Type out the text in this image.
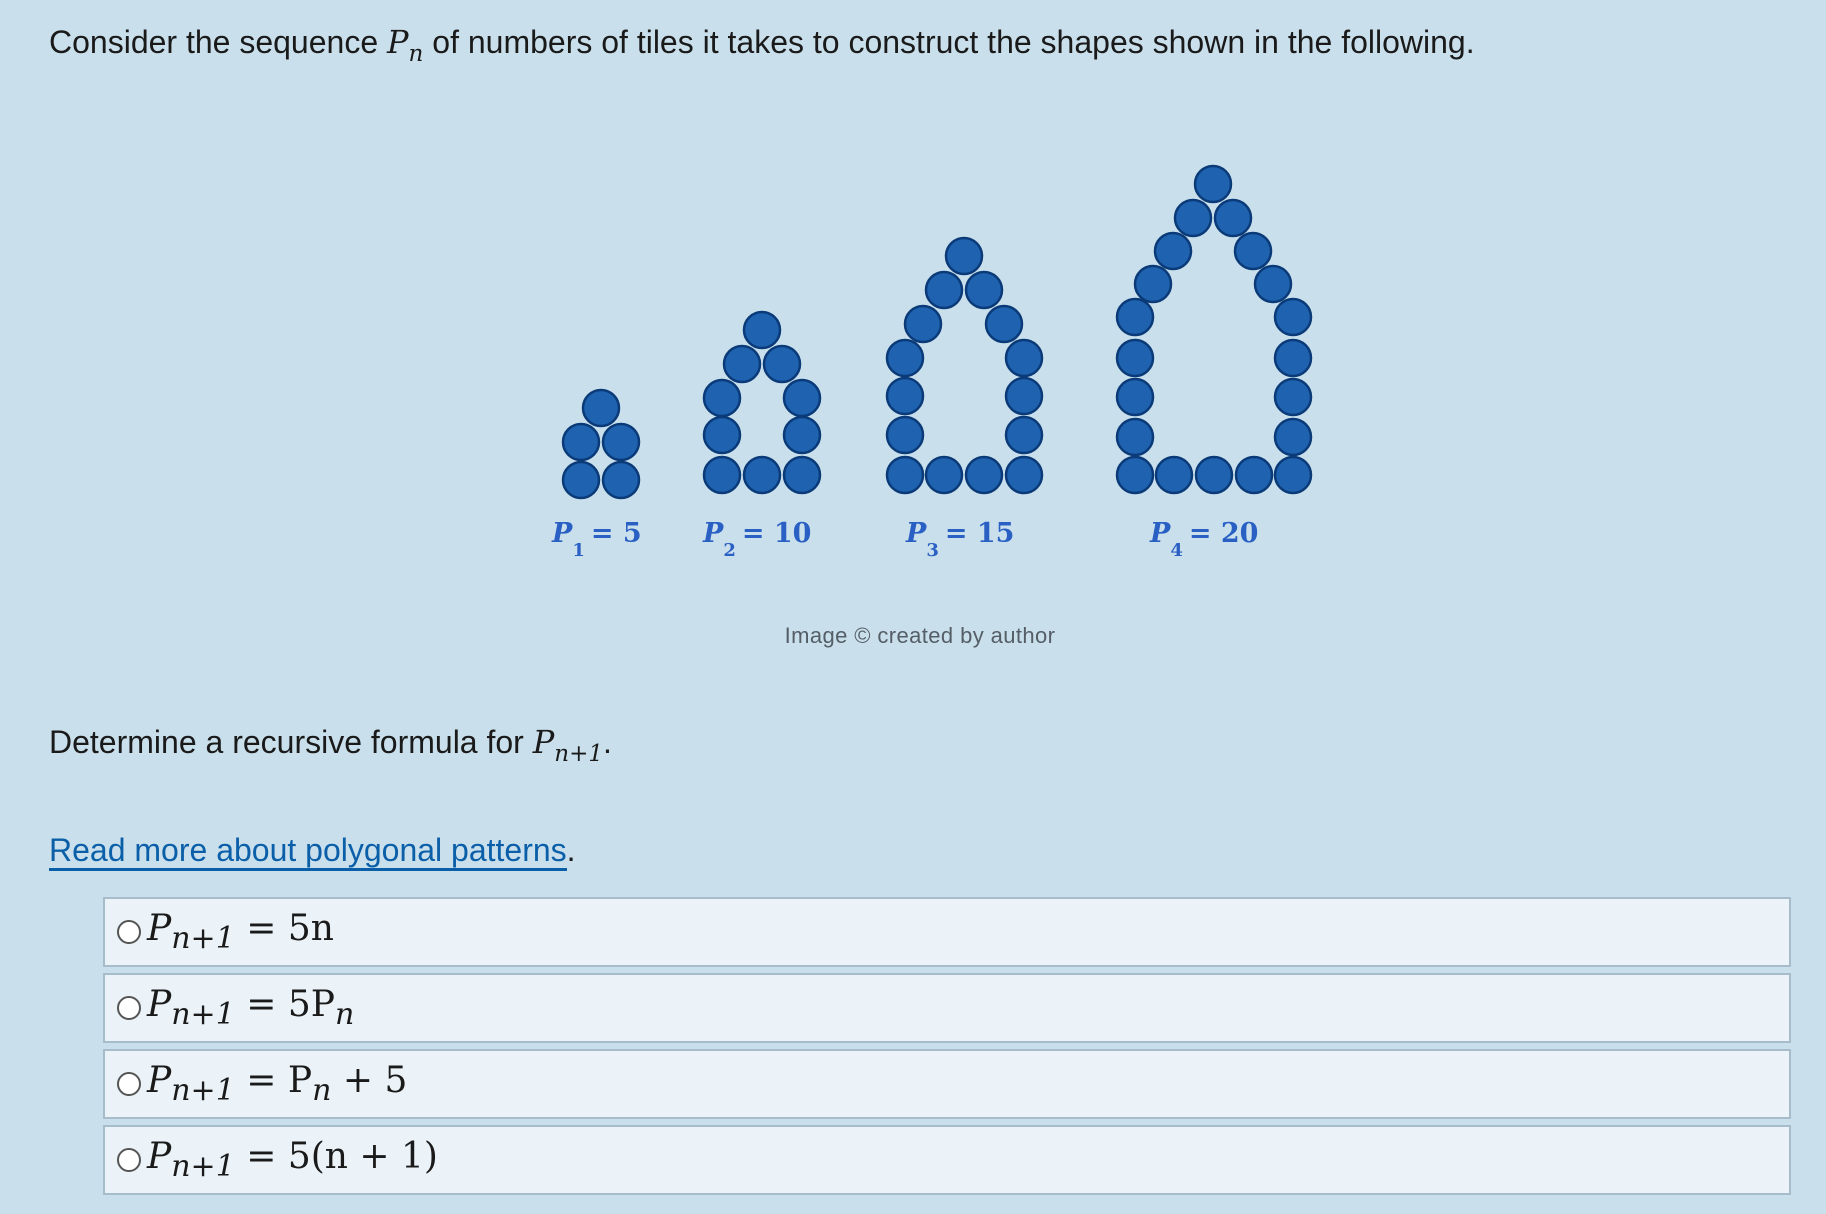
Consider the sequence $P_n$ of numbers of tiles it takes to construct the shapes shown in the following.
$P_1= 5$ $P_2= 10$	$P_3= 15$	$P_4= 20$
Image © created by author
Determine a recursive formula for $P_{n+1}$.
Read more about polygonal patterns.
$P_{n+1} = 5n$
$P_{n+1} = 5P_n$
$P_{n+1} = P_n + 5$
$P_{n+1} = 5(n + 1)$
